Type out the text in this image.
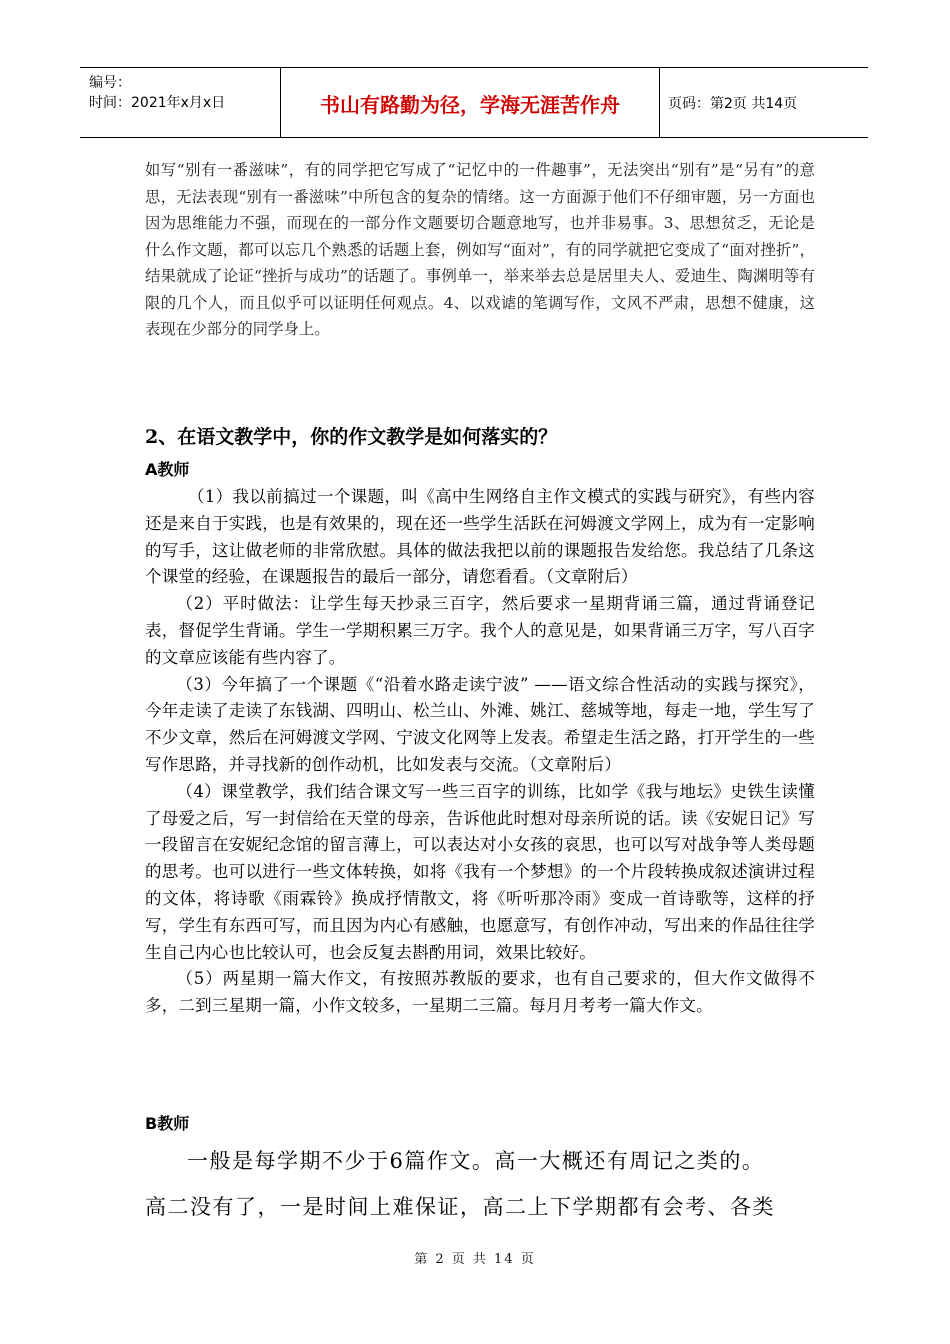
编号：
时间：2021年x月x日	书山有路勤为径，学海无涯苦作舟	页码：第2页 共14页

如写“别有一番滋味”，有的同学把它写成了“记忆中的一件趣事”，无法突出“别有”是“另有”的意思，无法表现“别有一番滋味”中所包含的复杂的情绪。这一方面源于他们不仔细审题，另一方面也因为思维能力不强，而现在的一部分作文题要切合题意地写，也并非易事。3、思想贫乏，无论是什么作文题，都可以忘几个熟悉的话题上套，例如写“面对”，有的同学就把它变成了“面对挫折”，结果就成了论证“挫折与成功”的话题了。事例单一，举来举去总是居里夫人、爱迪生、陶渊明等有限的几个人，而且似乎可以证明任何观点。4、以戏谑的笔调写作，文风不严肃，思想不健康，这表现在少部分的同学身上。

2、在语文教学中，你的作文教学是如何落实的？
A教师

（1）我以前搞过一个课题，叫《高中生网络自主作文模式的实践与研究》，有些内容还是来自于实践，也是有效果的，现在还一些学生活跃在河姆渡文学网上，成为有一定影响的写手，这让做老师的非常欣慰。具体的做法我把以前的课题报告发给您。我总结了几条这个课堂的经验，在课题报告的最后一部分，请您看看。（文章附后）

（2）平时做法：让学生每天抄录三百字，然后要求一星期背诵三篇，通过背诵登记表，督促学生背诵。学生一学期积累三万字。我个人的意见是，如果背诵三万字，写八百字的文章应该能有些内容了。

（3）今年搞了一个课题《“沿着水路走读宁波” ——语文综合性活动的实践与探究》，今年走读了走读了东钱湖、四明山、松兰山、外滩、姚江、慈城等地，每走一地，学生写了不少文章，然后在河姆渡文学网、宁波文化网等上发表。希望走生活之路，打开学生的一些写作思路，并寻找新的创作动机，比如发表与交流。（文章附后）

（4）课堂教学，我们结合课文写一些三百字的训练，比如学《我与地坛》史铁生读懂了母爱之后，写一封信给在天堂的母亲，告诉他此时想对母亲所说的话。读《安妮日记》写一段留言在安妮纪念馆的留言薄上，可以表达对小女孩的哀思，也可以写对战争等人类母题的思考。也可以进行一些文体转换，如将《我有一个梦想》的一个片段转换成叙述演讲过程的文体，将诗歌《雨霖铃》换成抒情散文，将《听听那冷雨》变成一首诗歌等，这样的抒写，学生有东西可写，而且因为内心有感触，也愿意写，有创作冲动，写出来的作品往往学生自己内心也比较认可，也会反复去斟酌用词，效果比较好。

（5）两星期一篇大作文，有按照苏教版的要求，也有自己要求的，但大作文做得不多，二到三星期一篇，小作文较多，一星期二三篇。每月月考考一篇大作文。

B教师

一般是每学期不少于6篇作文。高一大概还有周记之类的。

高二没有了，一是时间上难保证，高二上下学期都有会考、各类

第 2 页 共 14 页
